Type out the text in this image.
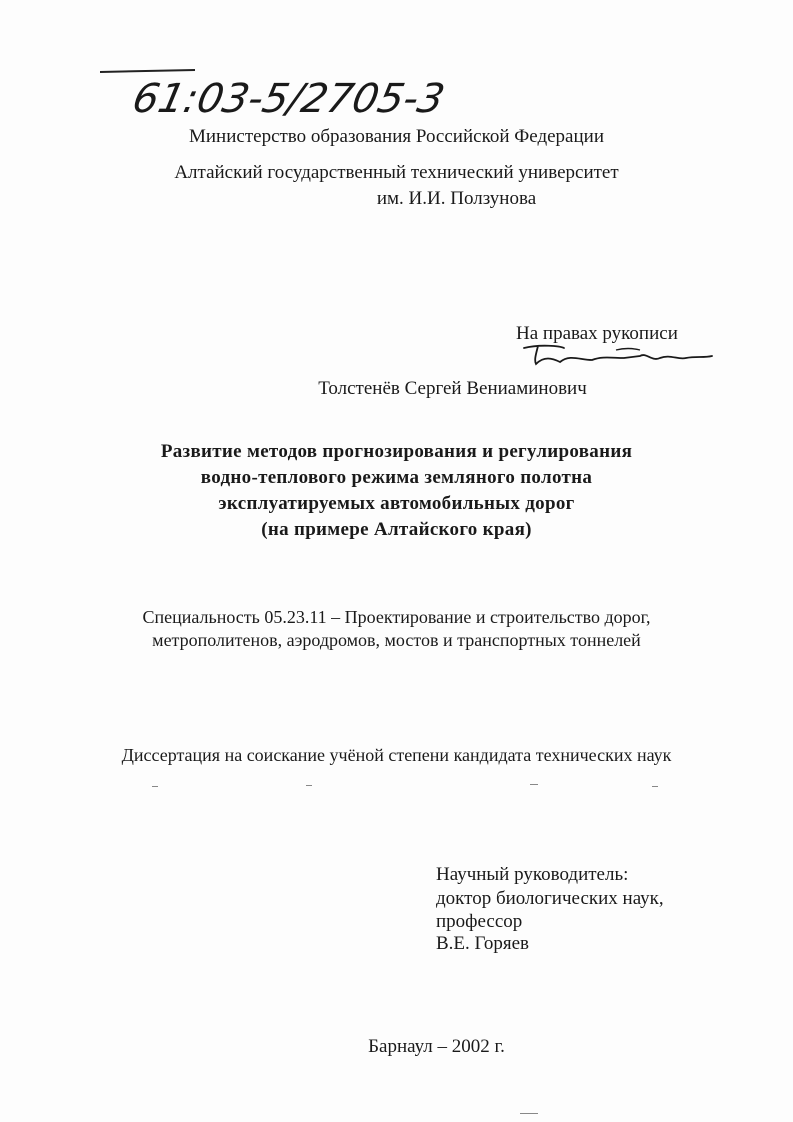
61:03-5/2705-3
Министерство образования Российской Федерации
Алтайский государственный технический университет
им. И.И. Ползунова
На правах рукописи
Толстенёв Сергей Вениаминович
Развитие методов прогнозирования и регулирования
водно-теплового режима земляного полотна
эксплуатируемых автомобильных дорог
(на примере Алтайского края)
Специальность 05.23.11 – Проектирование и строительство дорог,
метрополитенов, аэродромов, мостов и транспортных тоннелей
Диссертация на соискание учёной степени кандидата технических наук
Научный руководитель:
доктор биологических наук,
профессор
В.Е. Горяев
Барнаул – 2002 г.
